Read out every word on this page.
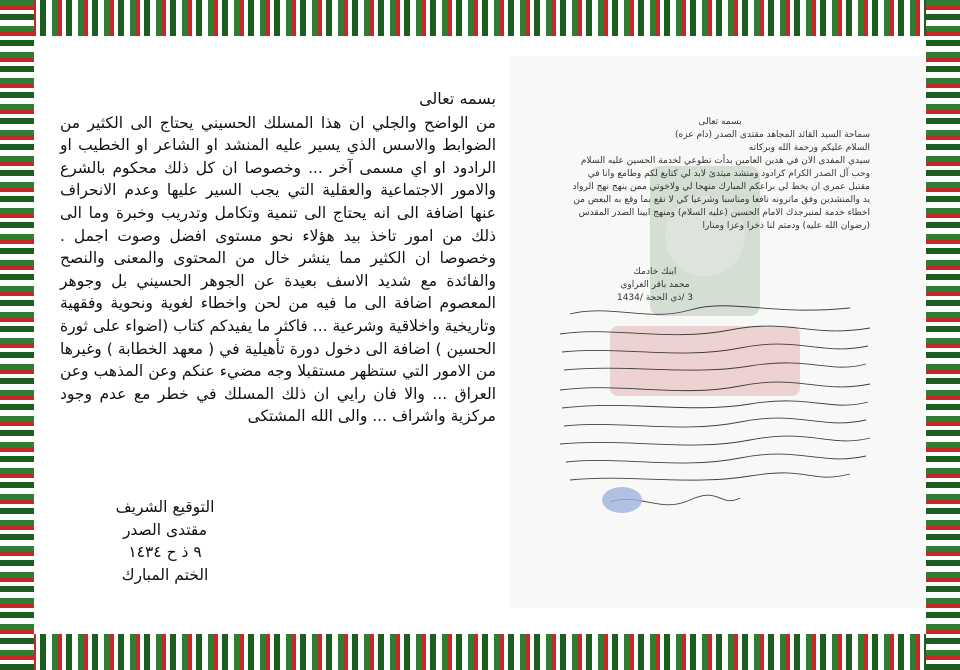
بسمه تعالى
من الواضح والجلي ان هذا المسلك الحسيني يحتاج الى الكثير من الضوابط والاسس الذي يسير عليه المنشد او الشاعر او الخطيب او الرادود او اي مسمى آخر ... وخصوصا ان كل ذلك محكوم بالشرع والامور الاجتماعية والعقلية التي يجب السير عليها وعدم الانحراف عنها اضافة الى انه يحتاج الى تنمية وتكامل وتدريب وخبرة وما الى ذلك من امور تاخذ بيد هؤلاء نحو مستوى افضل وصوت اجمل . وخصوصا ان الكثير مما ينشر خال من المحتوى والمعنى والنصح والفائدة مع شديد الاسف بعيدة عن الجوهر الحسيني بل وجوهر المعصوم اضافة الى ما فيه من لحن واخطاء لغوية ونحوية وفقهية وتاريخية واخلاقية وشرعية ... فاكثر ما يفيدكم كتاب (اضواء على ثورة الحسين ) اضافة الى دخول دورة تأهيلية في ( معهد الخطابة ) وغيرها من الامور التي ستظهر مستقبلا وجه مضيء عنكم وعن المذهب وعن العراق ... والا فان رايي ان ذلك المسلك في خطر مع عدم وجود مركزية واشراف ... والى الله المشتكى
التوقيع الشريف
مقتدى الصدر
٩ ذ ح ١٤٣٤
الختم المبارك
بسمه تعالى
سماحة السيد القائد المجاهد مقتدى الصدر (دام عزه)
السلام عليكم ورحمة الله وبركاته
سيدي المفدى الان في هذين العامين بدأت تطوعي لخدمة الحسين عليه السلام وحب آل الصدر الكرام كرادود ومنشد مبتدئ لابد لي كتابع لكم وطامع وانا في مقتبل عمري ان يخط لي براعكم المبارك منهجا لي ولاخوتي ممن ينهج نهج الرواد يد والمنشدين وفق ماترونه نافعا ومناسبا وشرعيا كي لا نقع بما وقع به البعض من اخطاء خدمة لمنبرجدك الامام الحسين (عليه السلام) ومنهج ابينا الصدر المقدس (رضوان الله عليه) ودمتم لنا ذخرا وعزا ومنارا
ابنك خادمك
محمد باقر الغراوي
3 /ذي الحجة /1434
